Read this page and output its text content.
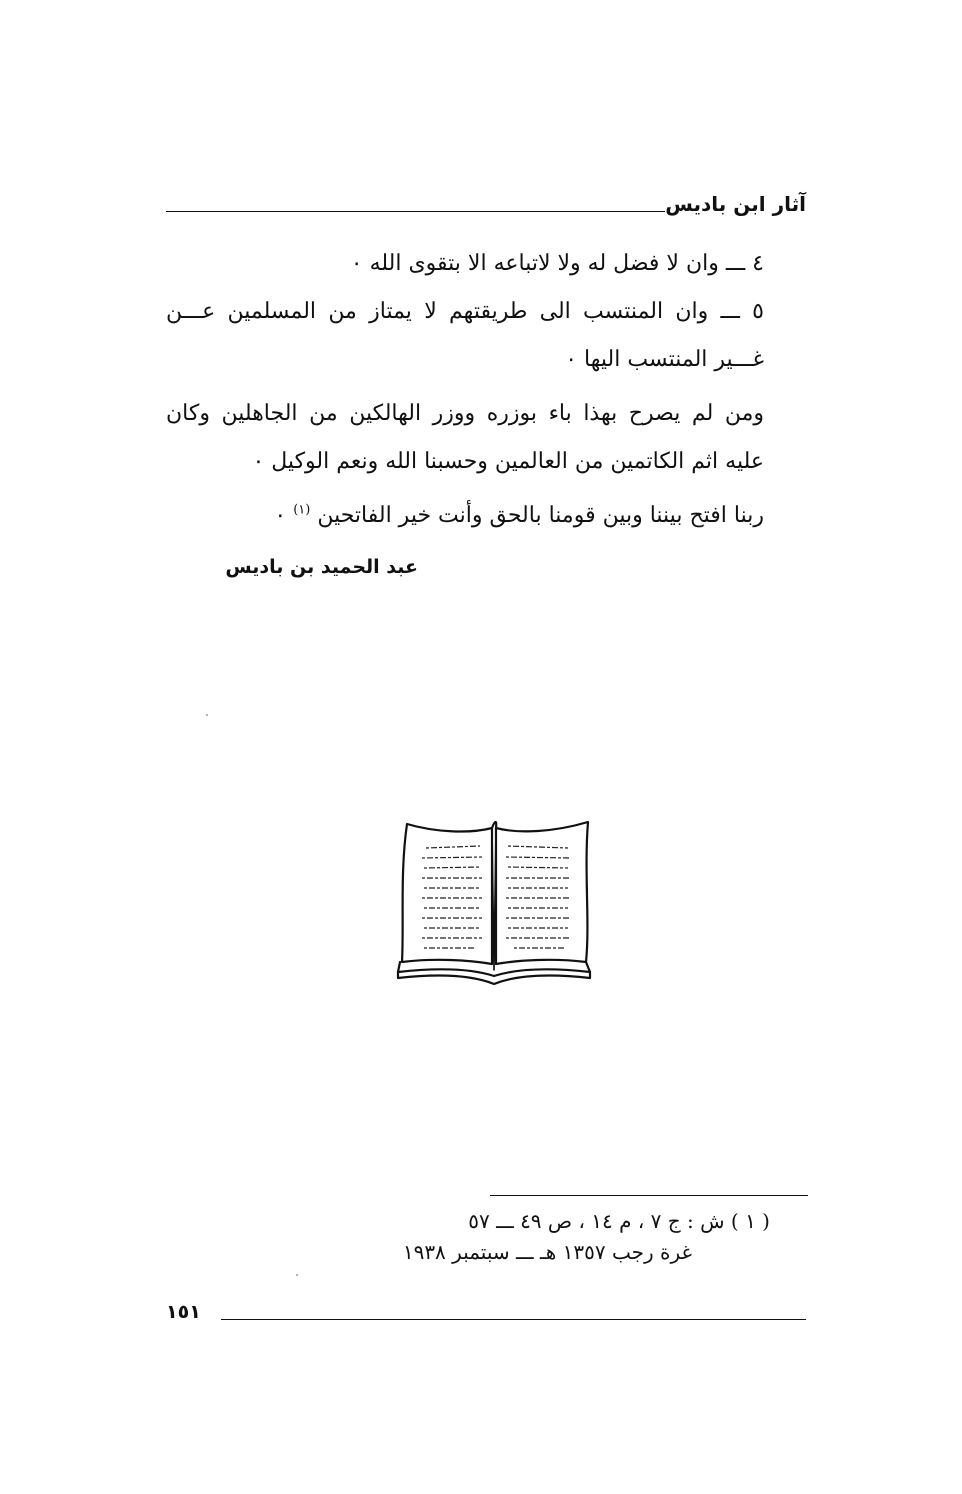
آثار ابن باديس

٤ ـــ وان لا فضل له ولا لاتباعه الا بتقوى الله ٠

٥ ـــ وان المنتسب الى طريقتهم لا يمتاز من المسلمين عـــن غـــير المنتسب اليها ٠

ومن لم يصرح بهذا باء بوزره ووزر الهالكين من الجاهلين وكان عليه اثم الكاتمين من العالمين وحسبنا الله ونعم الوكيل ٠

ربنا افتح بيننا وبين قومنا بالحق وأنت خير الفاتحين $^{(١)}$ ٠

عبد الحميد بن باديس
( ١ ) ش : ج ٧ ، م ١٤ ، ص ٤٩ ـــ ٥٧
غرة رجب ١٣٥٧ هـ ـــ سبتمبر ١٩٣٨
١٥١
